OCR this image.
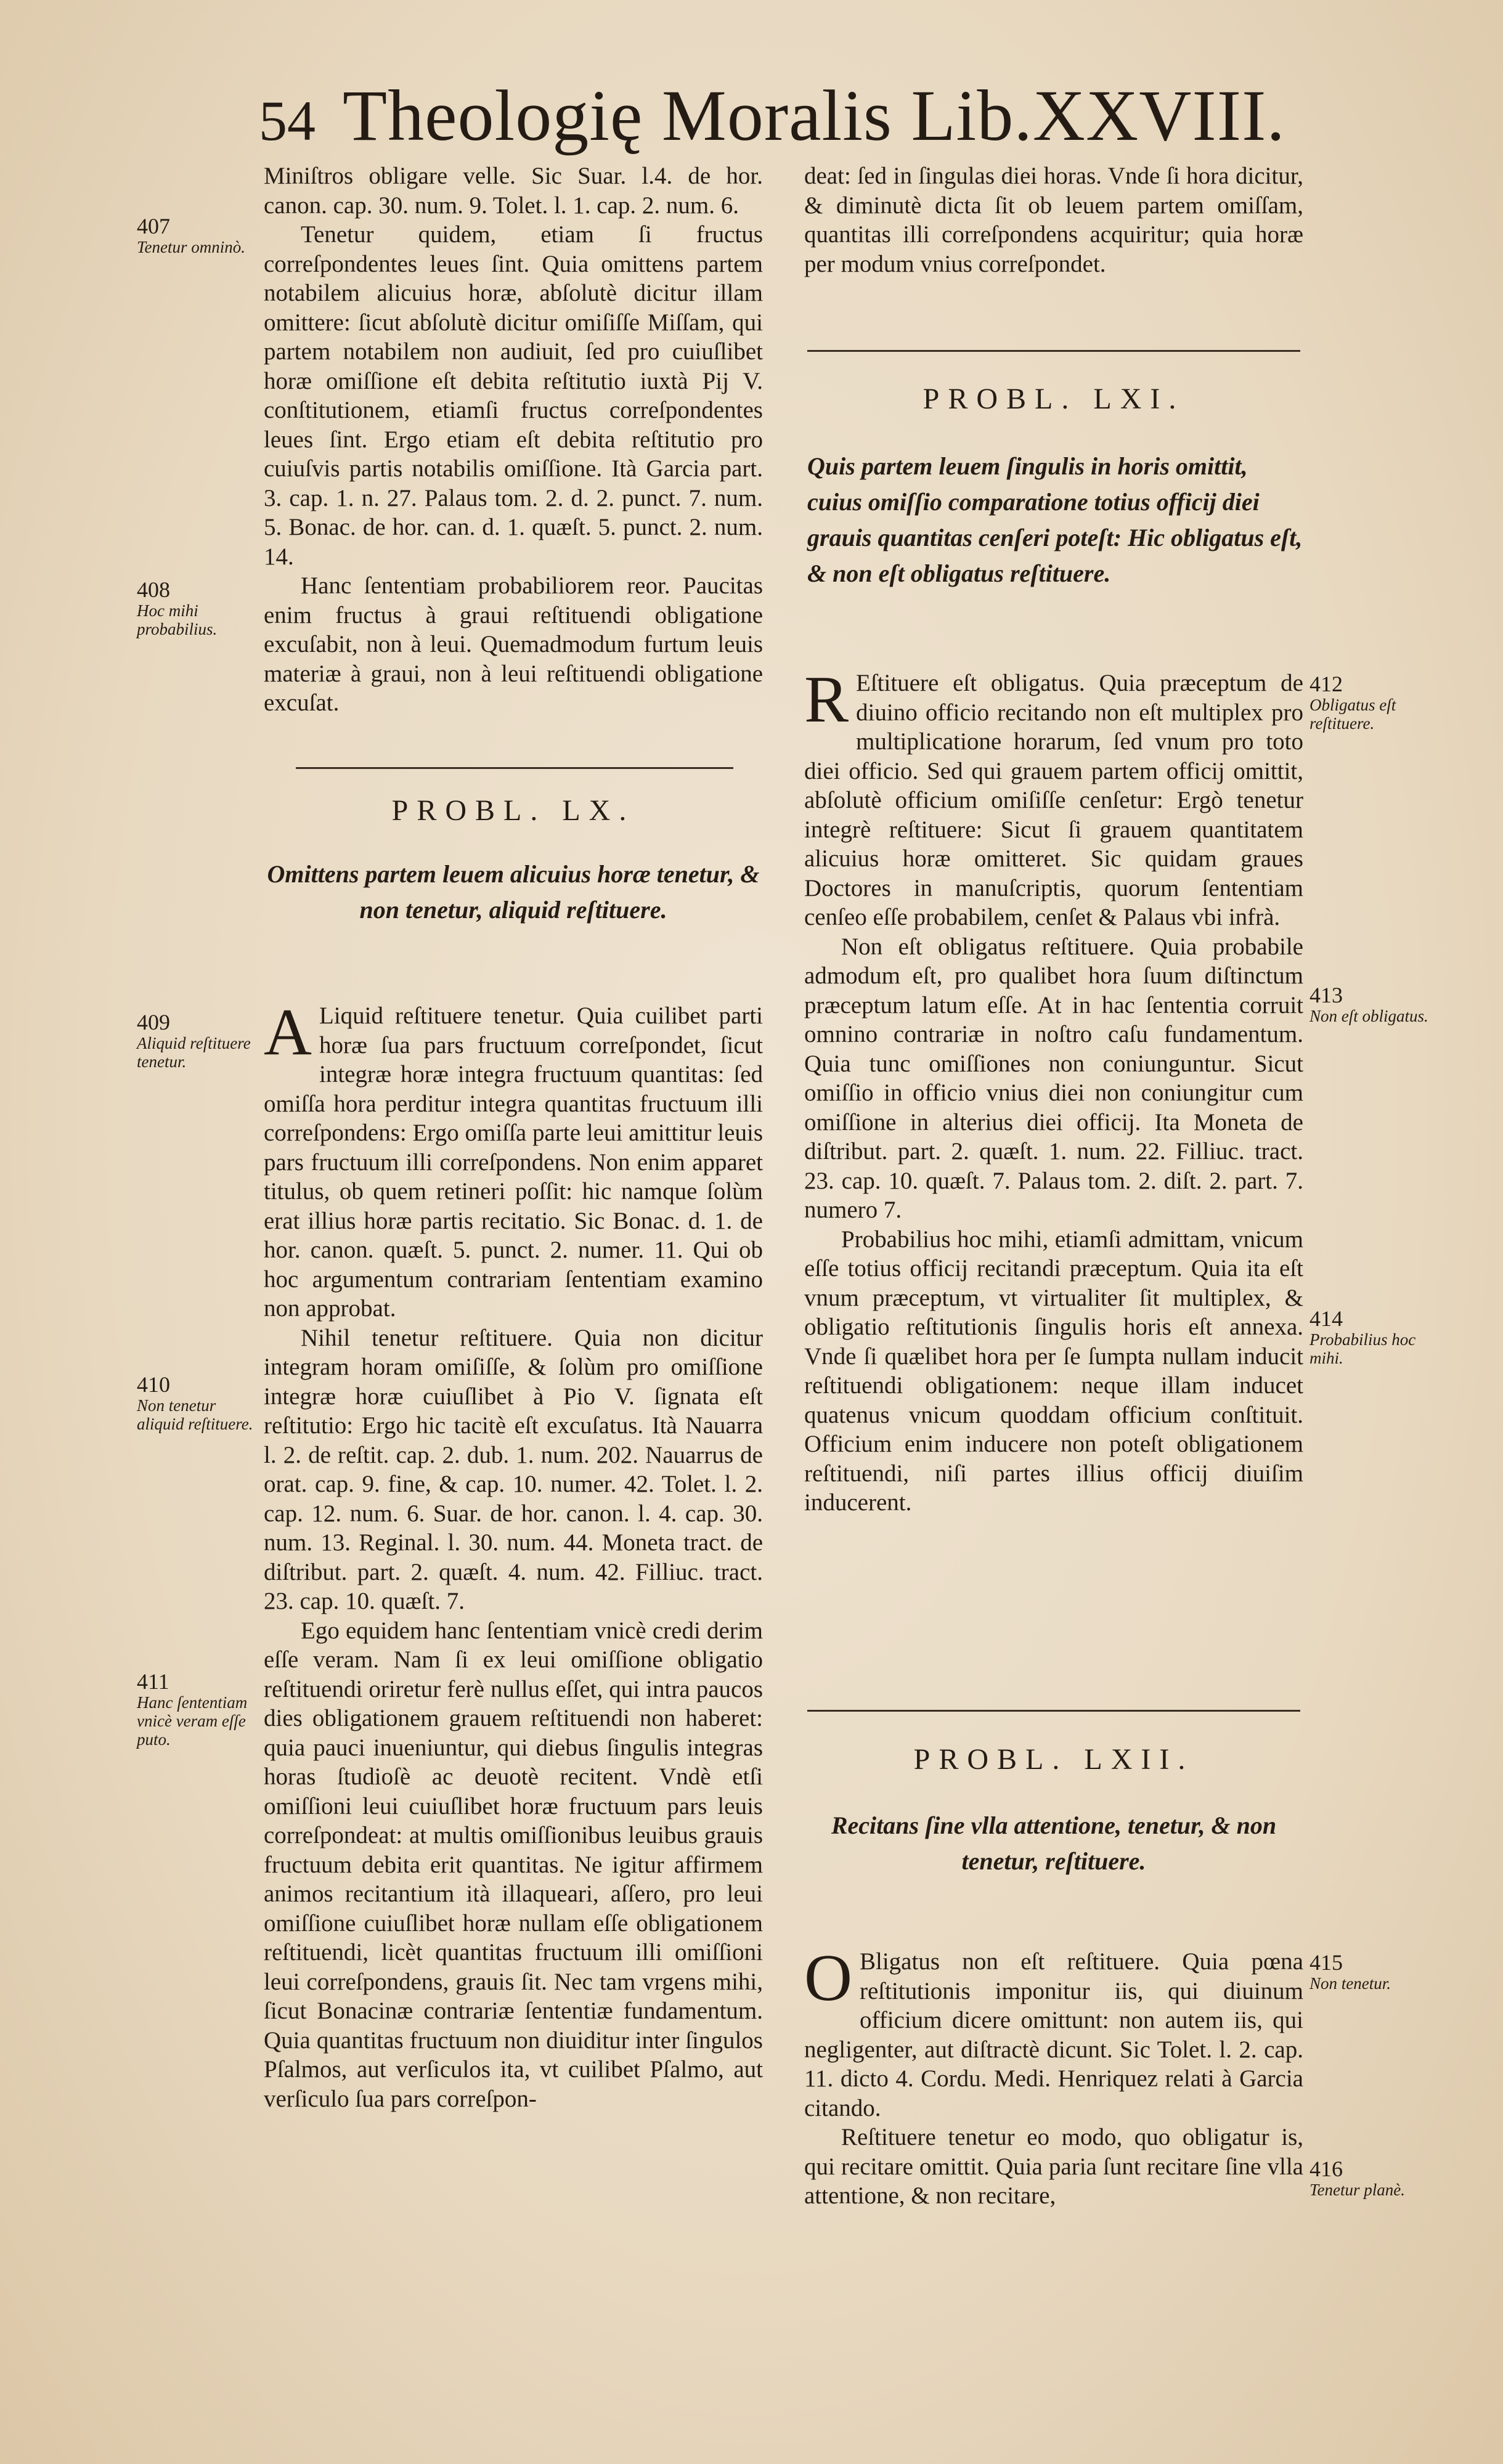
54 Theologię Moralis Lib.XXVIII.
407
Tenetur omninò.
408
Hoc mihi probabilius.
409
Aliquid reſtituere tenetur.
410
Non tenetur aliquid reſtituere.
411
Hanc ſententiam vnicè veram eſſe puto.

Miniſtros obligare velle. Sic Suar. l.4. de hor. canon. cap. 30. num. 9. Tolet. l. 1. cap. 2. num. 6.

Tenetur quidem, etiam ſi fructus correſpondentes leues ſint. Quia omittens partem notabilem alicuius horæ, abſolutè dicitur illam omittere: ſicut abſolutè dicitur omiſiſſe Miſſam, qui partem notabilem non audiuit, ſed pro cuiuſlibet horæ omiſſione eſt debita reſtitutio iuxtà Pij V. conſtitutionem, etiamſi fructus correſpondentes leues ſint. Ergo etiam eſt debita reſtitutio pro cuiuſvis partis notabilis omiſſione. Ità Garcia part. 3. cap. 1. n. 27. Palaus tom. 2. d. 2. punct. 7. num. 5. Bonac. de hor. can. d. 1. quæſt. 5. punct. 2. num. 14.

Hanc ſententiam probabiliorem reor. Paucitas enim fructus à graui reſtituendi obligatione excuſabit, non à leui. Quemadmodum furtum leuis materiæ à graui, non à leui reſtituendi obligatione excuſat.

PROBL. LX.
Omittens partem leuem alicuius horæ tenetur, & non tenetur, aliquid reſtituere.

A Liquid reſtituere tenetur. Quia cuilibet parti horæ ſua pars fructuum correſpondet, ſicut integræ horæ integra fructuum quantitas: ſed omiſſa hora perditur integra quantitas fructuum illi correſpondens: Ergo omiſſa parte leui amittitur leuis pars fructuum illi correſpondens. Non enim apparet titulus, ob quem retineri poſſit: hic namque ſolùm erat illius horæ partis recitatio. Sic Bonac. d. 1. de hor. canon. quæſt. 5. punct. 2. numer. 11. Qui ob hoc argumentum contrariam ſententiam examino non approbat.

Nihil tenetur reſtituere. Quia non dicitur integram horam omiſiſſe, & ſolùm pro omiſſione integræ horæ cuiuſlibet à Pio V. ſignata eſt reſtitutio: Ergo hic tacitè eſt excuſatus. Ità Nauarra l. 2. de reſtit. cap. 2. dub. 1. num. 202. Nauarrus de orat. cap. 9. fine, & cap. 10. numer. 42. Tolet. l. 2. cap. 12. num. 6. Suar. de hor. canon. l. 4. cap. 30. num. 13. Reginal. l. 30. num. 44. Moneta tract. de diſtribut. part. 2. quæſt. 4. num. 42. Filliuc. tract. 23. cap. 10. quæſt. 7.

Ego equidem hanc ſententiam vnicè credi derim eſſe veram. Nam ſi ex leui omiſſione obligatio reſtituendi oriretur ferè nullus eſſet, qui intra paucos dies obligationem grauem reſtituendi non haberet: quia pauci inueniuntur, qui diebus ſingulis integras horas ſtudioſè ac deuotè recitent. Vndè etſi omiſſioni leui cuiuſlibet horæ fructuum pars leuis correſpondeat: at multis omiſſionibus leuibus grauis fructuum debita erit quantitas. Ne igitur affirmem animos recitantium ità illaqueari, aſſero, pro leui omiſſione cuiuſlibet horæ nullam eſſe obligationem reſtituendi, licèt quantitas fructuum illi omiſſioni leui correſpondens, grauis ſit. Nec tam vrgens mihi, ſicut Bonacinæ contrariæ ſententiæ fundamentum. Quia quantitas fructuum non diuiditur inter ſingulos Pſalmos, aut verſiculos ita, vt cuilibet Pſalmo, aut verſiculo ſua pars correſpon-

deat: ſed in ſingulas diei horas. Vnde ſi hora dicitur, & diminutè dicta ſit ob leuem partem omiſſam, quantitas illi correſpondens acquiritur; quia horæ per modum vnius correſpondet.

PROBL. LXI.
Quis partem leuem ſingulis in horis omittit, cuius omiſſio comparatione totius officij diei grauis quantitas cenſeri poteſt: Hic obligatus eſt, & non eſt obligatus reſtituere.
412
Obligatus eſt reſtituere.
413
Non eſt obligatus.
414
Probabilius hoc mihi.
415
Non tenetur.
416
Tenetur planè.

R Eſtituere eſt obligatus. Quia præceptum de diuino officio recitando non eſt multiplex pro multiplicatione horarum, ſed vnum pro toto diei officio. Sed qui grauem partem officij omittit, abſolutè officium omiſiſſe cenſetur: Ergò tenetur integrè reſtituere: Sicut ſi grauem quantitatem alicuius horæ omitteret. Sic quidam graues Doctores in manuſcriptis, quorum ſententiam cenſeo eſſe probabilem, cenſet & Palaus vbi infrà.

Non eſt obligatus reſtituere. Quia probabile admodum eſt, pro qualibet hora ſuum diſtinctum præceptum latum eſſe. At in hac ſententia corruit omnino contrariæ in noſtro caſu fundamentum. Quia tunc omiſſiones non coniunguntur. Sicut omiſſio in officio vnius diei non coniungitur cum omiſſione in alterius diei officij. Ita Moneta de diſtribut. part. 2. quæſt. 1. num. 22. Filliuc. tract. 23. cap. 10. quæſt. 7. Palaus tom. 2. diſt. 2. part. 7. numero 7.

Probabilius hoc mihi, etiamſi admittam, vnicum eſſe totius officij recitandi præceptum. Quia ita eſt vnum præceptum, vt virtualiter ſit multiplex, & obligatio reſtitutionis ſingulis horis eſt annexa. Vnde ſi quælibet hora per ſe ſumpta nullam inducit reſtituendi obligationem: neque illam inducet quatenus vnicum quoddam officium conſtituit. Officium enim inducere non poteſt obligationem reſtituendi, niſi partes illius officij diuiſim inducerent.

PROBL. LXII.
Recitans ſine vlla attentione, tenetur, & non tenetur, reſtituere.

O Bligatus non eſt reſtituere. Quia pœna reſtitutionis imponitur iis, qui diuinum officium dicere omittunt: non autem iis, qui negligenter, aut diſtractè dicunt. Sic Tolet. l. 2. cap. 11. dicto 4. Cordu. Medi. Henriquez relati à Garcia citando.

Reſtituere tenetur eo modo, quo obligatur is, qui recitare omittit. Quia paria ſunt recitare ſine vlla attentione, & non recitare,
